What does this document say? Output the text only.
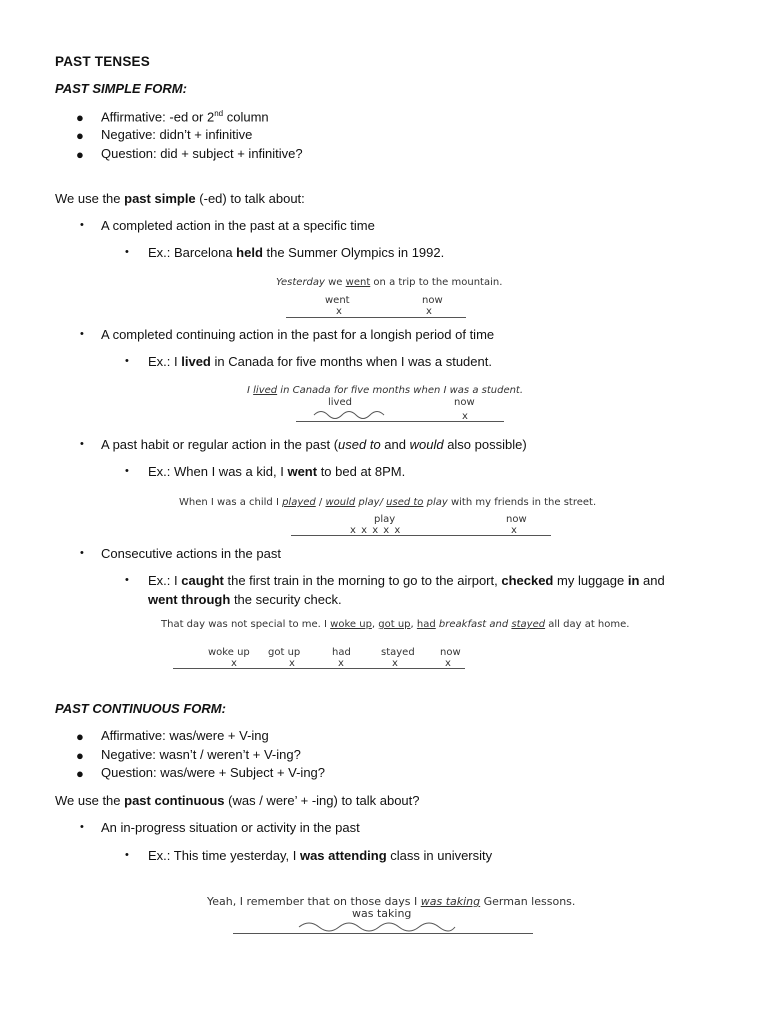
PAST TENSES
PAST SIMPLE FORM:
● Affirmative: -ed or 2nd column
● Negative: didn’t + infinitive
● Question: did + subject + infinitive?
We use the past simple (-ed) to talk about:
• A completed action in the past at a specific time
• Ex.: Barcelona held the Summer Olympics in 1992.
Yesterday we went on a trip to the mountain.
went	now
x	x
• A completed continuing action in the past for a longish period of time
• Ex.: I lived in Canada for five months when I was a student.
I lived in Canada for five months when I was a student.
lived	now
x
• A past habit or regular action in the past (used to and would also possible)
• Ex.: When I was a kid, I went to bed at 8PM.
When I was a child I played / would play/ used to play with my friends in the street.
play	now
x x x x x	x
• Consecutive actions in the past
• Ex.: I caught the first train in the morning to go to the airport, checked my luggage in and
went through the security check.
That day was not special to me. I woke up, got up, had breakfast and stayed all day at home.
woke up got up	had	stayed	now
x	x	x	x	x
PAST CONTINUOUS FORM:
● Affirmative: was/were + V-ing
● Negative: wasn’t / weren’t + V-ing?
● Question: was/were + Subject + V-ing?
We use the past continuous (was / were’ + -ing) to talk about?
• An in-progress situation or activity in the past
• Ex.: This time yesterday, I was attending class in university
Yeah, I remember that on those days I was taking German lessons.
was taking
